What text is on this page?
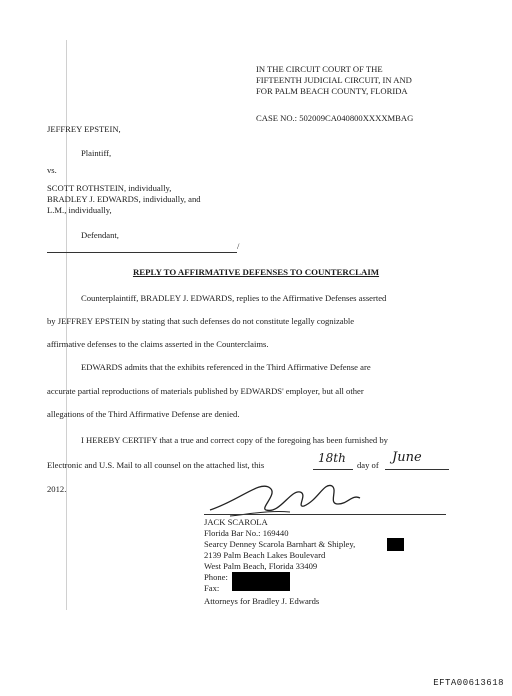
IN THE CIRCUIT COURT OF THE
FIFTEENTH JUDICIAL CIRCUIT, IN AND
FOR PALM BEACH COUNTY, FLORIDA
CASE NO.: 502009CA040800XXXXMBAG
JEFFREY EPSTEIN,
Plaintiff,
vs.
SCOTT ROTHSTEIN, individually,
BRADLEY J. EDWARDS, individually, and
L.M., individually,
Defendant,
/
REPLY TO AFFIRMATIVE DEFENSES TO COUNTERCLAIM
Counterplaintiff, BRADLEY J. EDWARDS, replies to the Affirmative Defenses asserted
by JEFFREY EPSTEIN by stating that such defenses do not constitute legally cognizable
affirmative defenses to the claims asserted in the Counterclaims.
EDWARDS admits that the exhibits referenced in the Third Affirmative Defense are
accurate partial reproductions of materials published by EDWARDS' employer, but all other
allegations of the Third Affirmative Defense are denied.
I HEREBY CERTIFY that a true and correct copy of the foregoing has been furnished by
Electronic and U.S. Mail to all counsel on the attached list, this	18th day of June
2012.
JACK SCAROLA
Florida Bar No.: 169440
Searcy Denney Scarola Barnhart & Shipley,
2139 Palm Beach Lakes Boulevard
West Palm Beach, Florida 33409
Phone:
Fax:
Attorneys for Bradley J. Edwards
EFTA00613618
